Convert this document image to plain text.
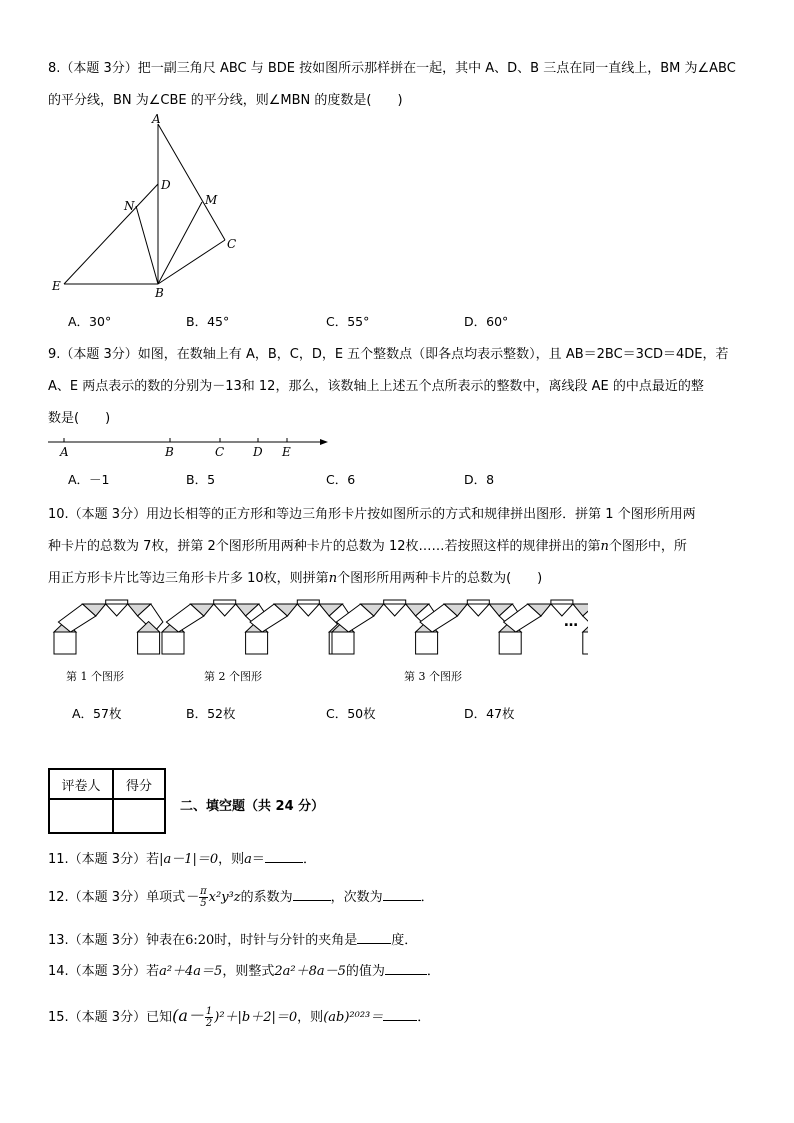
8.（本题 3分）把一副三角尺 ABC 与 BDE 按如图所示那样拼在一起，其中 A、D、B 三点在同一直线上，BM 为∠ABC
的平分线，BN 为∠CBE 的平分线，则∠MBN 的度数是(　　)
A
D
N	M
C
E	B
A．30°	B．45°	C．55°	D．60°
9.（本题 3分）如图，在数轴上有 A，B，C，D，E 五个整数点（即各点均表示整数），且 AB＝2BC＝3CD＝4DE，若
A、E 两点表示的数的分别为－13和 12，那么，该数轴上上述五个点所表示的整数中，离线段 AE 的中点最近的整
数是(　　)
A	B	C D E
A．－1	B．5	C．6	D．8
10.（本题 3分）用边长相等的正方形和等边三角形卡片按如图所示的方式和规律拼出图形．拼第 1 个图形所用两
种卡片的总数为 7枚，拼第 2个图形所用两种卡片的总数为 12枚……若按照这样的规律拼出的第n个图形中，所
用正方形卡片比等边三角形卡片多 10枚，则拼第n个图形所用两种卡片的总数为(　　)
第 1 个图形	第 2 个图形	第 3 个图形
…
A．57枚	B．52枚	C．50枚	D．47枚
评卷人	得分

二、填空题（共 24 分）
11.（本题 3分）若|a－1|＝0，则a＝	．
12.（本题 3分）单项式－ $\frac{\pi}{5} x^2y^3z$的系数为	，次数为	．
13.（本题 3分）钟表在6:20时，时针与分针的夹角是	度．
14.（本题 3分）若a²＋4a＝5，则整式2a²＋8a－5的值为	．
15.（本题 3分）已知$(a- \frac{1}{2} )^2+|b+2|=0$，则(ab)²⁰²³＝	．
